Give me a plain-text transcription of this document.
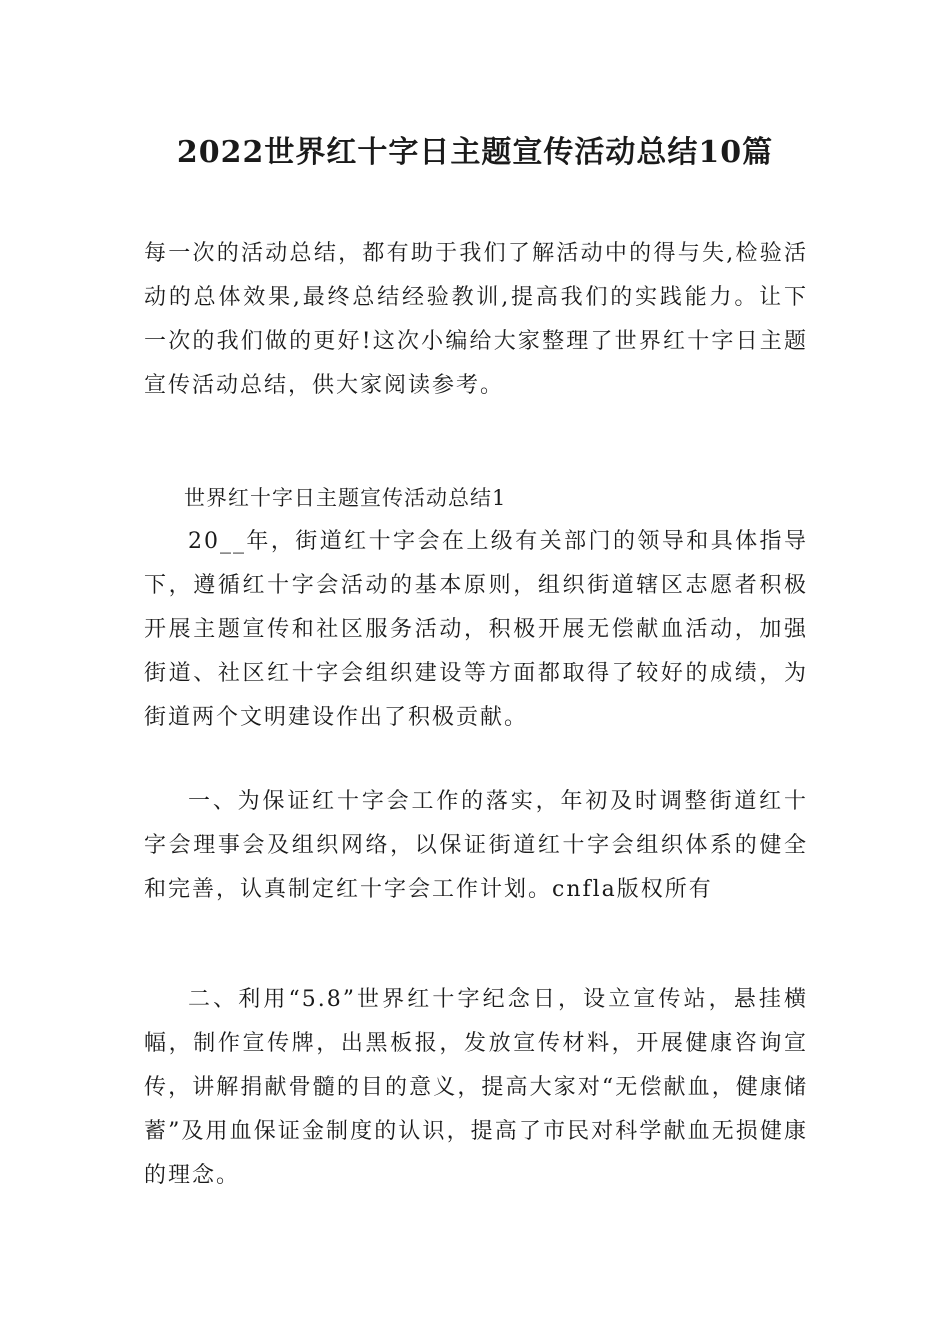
2022世界红十字日主题宣传活动总结10篇

每一次的活动总结，都有助于我们了解活动中的得与失,检验活动的总体效果,最终总结经验教训,提高我们的实践能力。让下一次的我们做的更好!这次小编给大家整理了世界红十字日主题宣传活动总结，供大家阅读参考。

世界红十字日主题宣传活动总结1

20__年，街道红十字会在上级有关部门的领导和具体指导下，遵循红十字会活动的基本原则，组织街道辖区志愿者积极开展主题宣传和社区服务活动，积极开展无偿献血活动，加强街道、社区红十字会组织建设等方面都取得了较好的成绩，为街道两个文明建设作出了积极贡献。

一、为保证红十字会工作的落实，年初及时调整街道红十字会理事会及组织网络，以保证街道红十字会组织体系的健全和完善，认真制定红十字会工作计划。cnfla版权所有

二、利用“5.8”世界红十字纪念日，设立宣传站，悬挂横幅，制作宣传牌，出黑板报，发放宣传材料，开展健康咨询宣传，讲解捐献骨髓的目的意义，提高大家对“无偿献血，健康储蓄”及用血保证金制度的认识，提高了市民对科学献血无损健康的理念。
